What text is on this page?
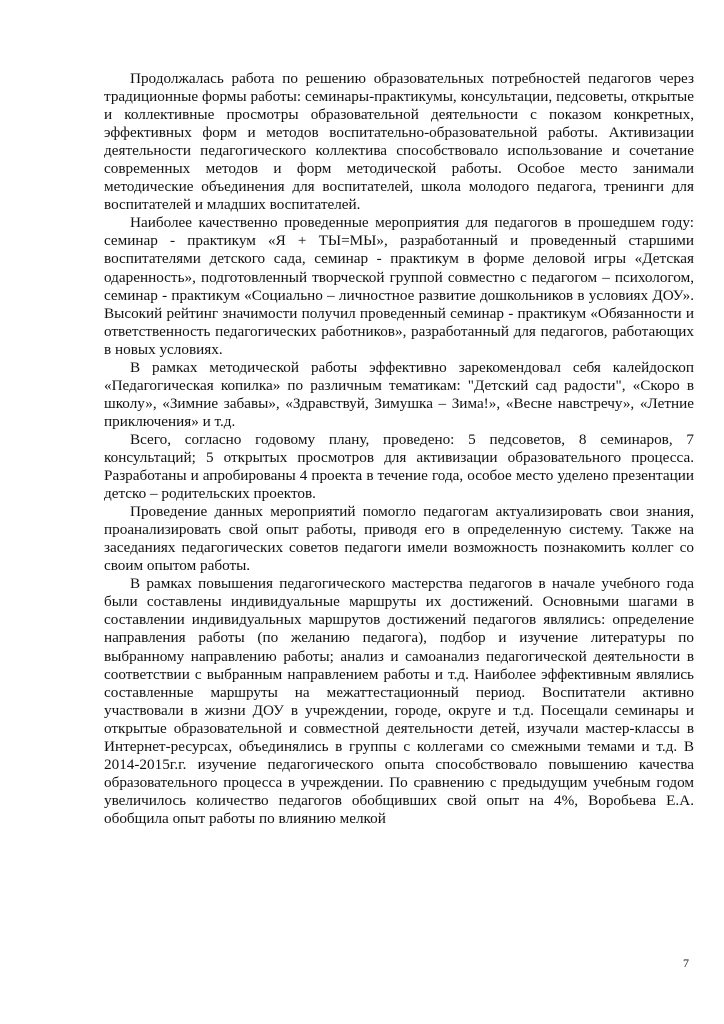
Продолжалась работа по решению образовательных потребностей педагогов через традиционные формы работы: семинары-практикумы, консультации, педсоветы, открытые и коллективные просмотры образовательной деятельности с показом конкретных, эффективных форм и методов воспитательно-образовательной работы. Активизации деятельности педагогического коллектива способствовало использование и сочетание современных методов и форм методической работы. Особое место занимали методические объединения для воспитателей, школа молодого педагога, тренинги для воспитателей и младших воспитателей.

Наиболее качественно проведенные мероприятия для педагогов в прошедшем году: семинар - практикум «Я + ТЫ=МЫ», разработанный и проведенный старшими воспитателями детского сада, семинар - практикум в форме деловой игры «Детская одаренность», подготовленный творческой группой совместно с педагогом – психологом, семинар - практикум «Социально – личностное развитие дошкольников в условиях ДОУ». Высокий рейтинг значимости получил проведенный семинар - практикум «Обязанности и ответственность педагогических работников», разработанный для педагогов, работающих в новых условиях.

В рамках методической работы эффективно зарекомендовал себя калейдоскоп «Педагогическая копилка» по различным тематикам: "Детский сад радости", «Скоро в школу», «Зимние забавы», «Здравствуй, Зимушка – Зима!», «Весне навстречу», «Летние приключения» и т.д.

Всего, согласно годовому плану, проведено: 5 педсоветов, 8 семинаров, 7 консультаций; 5 открытых просмотров для активизации образовательного процесса. Разработаны и апробированы 4 проекта в течение года, особое место уделено презентации детско – родительских проектов.

Проведение данных мероприятий помогло педагогам актуализировать свои знания, проанализировать свой опыт работы, приводя его в определенную систему. Также на заседаниях педагогических советов педагоги имели возможность познакомить коллег со своим опытом работы.

В рамках повышения педагогического мастерства педагогов в начале учебного года были составлены индивидуальные маршруты их достижений. Основными шагами в составлении индивидуальных маршрутов достижений педагогов являлись: определение направления работы (по желанию педагога), подбор и изучение литературы по выбранному направлению работы; анализ и самоанализ педагогической деятельности в соответствии с выбранным направлением работы и т.д. Наиболее эффективным являлись составленные маршруты на межаттестационный период. Воспитатели активно участвовали в жизни ДОУ в учреждении, городе, округе и т.д. Посещали семинары и открытые образовательной и совместной деятельности детей, изучали мастер-классы в Интернет-ресурсах, объединялись в группы с коллегами со смежными темами и т.д. В 2014-2015г.г. изучение педагогического опыта способствовало повышению качества образовательного процесса в учреждении. По сравнению с предыдущим учебным годом увеличилось количество педагогов обобщивших свой опыт на 4%, Воробьева Е.А. обобщила опыт работы по влиянию мелкой

7
